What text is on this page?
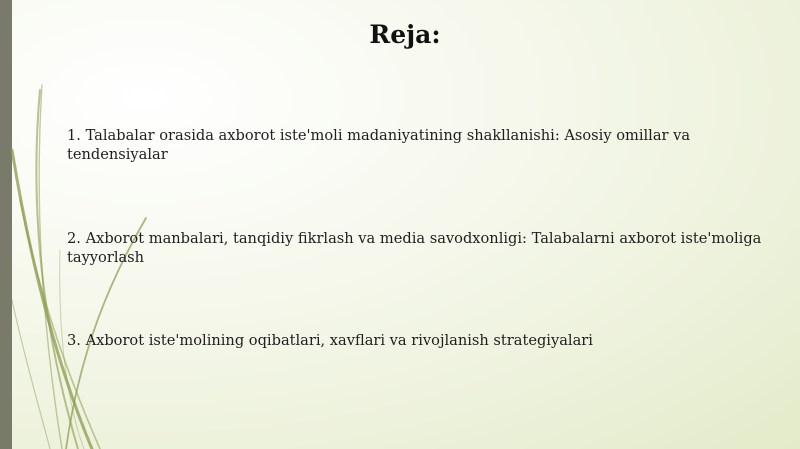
Reja:

1. Talabalar orasida axborot iste'moli madaniyatining shakllanishi: Asosiy omillar va tendensiyalar

2. Axborot manbalari, tanqidiy fikrlash va media savodxonligi: Talabalarni axborot iste'moliga tayyorlash

3. Axborot iste'molining oqibatlari, xavflari va rivojlanish strategiyalari
